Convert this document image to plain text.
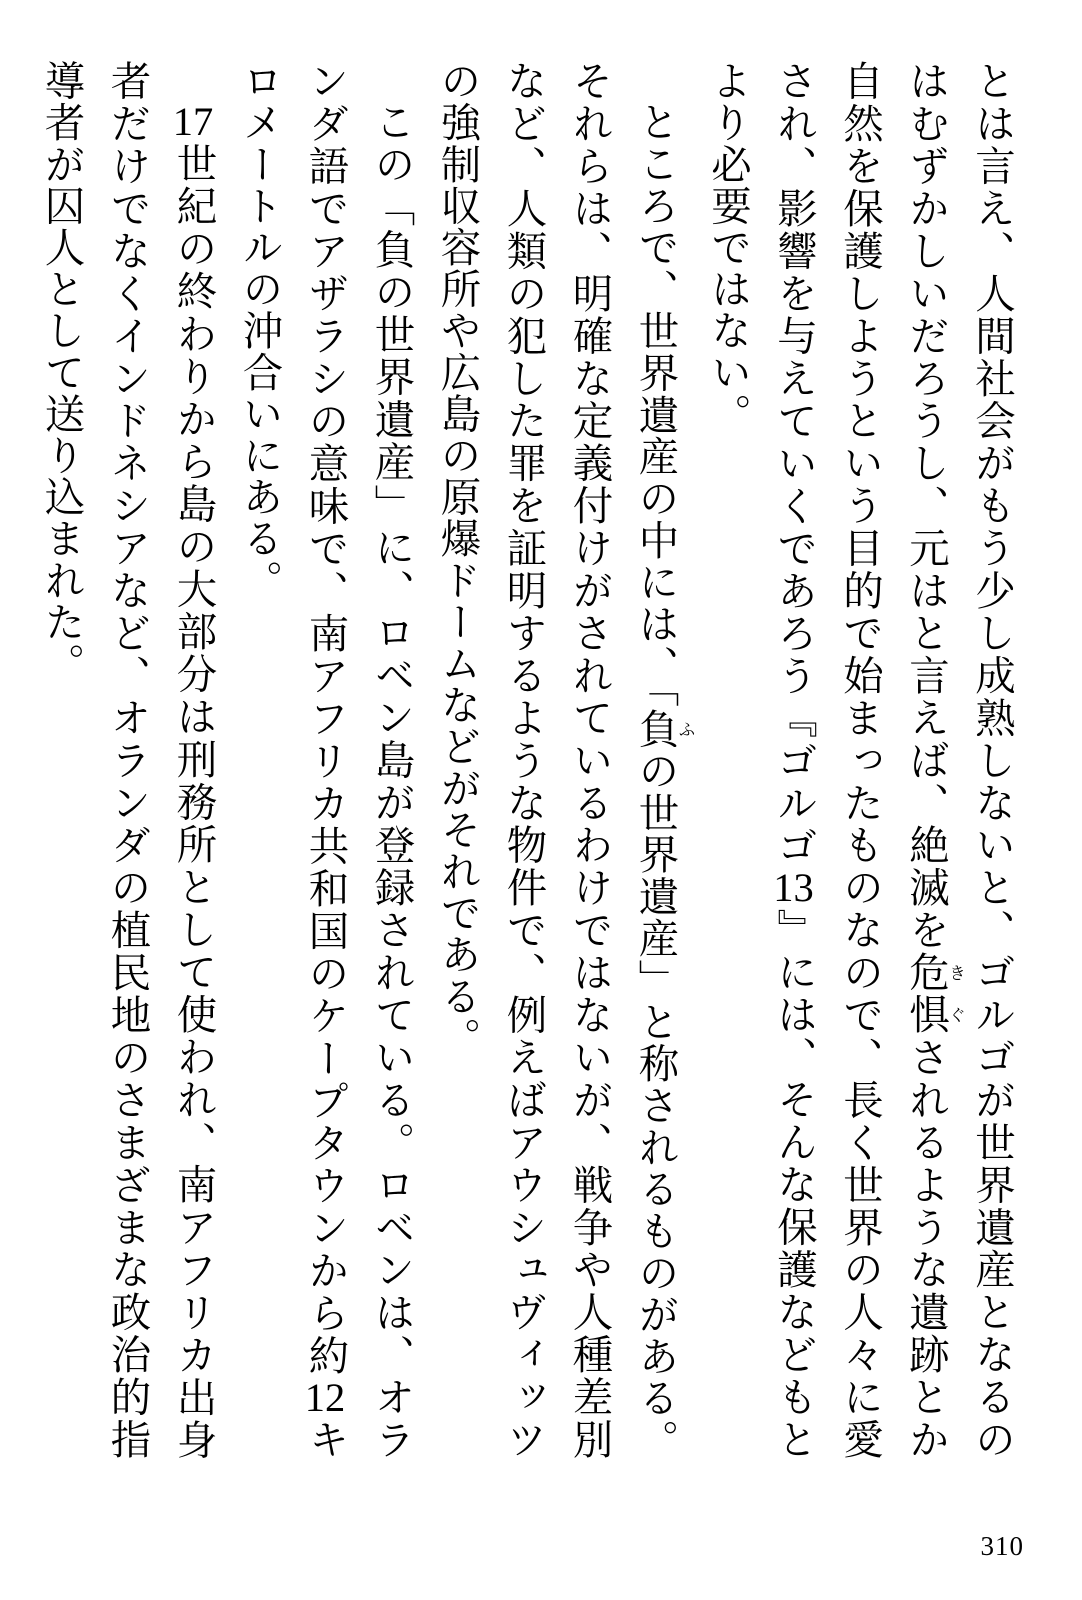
とは言え、人間社会がもう少し成熟しないと、ゴルゴが世界遺産となるのはむずかしいだろうし、元はと言えば、絶滅を危惧きぐされるような遺跡とか自然を保護しようという目的で始まったものなので、長く世界の人々に愛され、影響を与えていくであろう『ゴルゴ13』には、そんな保護などもとより必要ではない。

ところで、世界遺産の中には、「負ふの世界遺産」と称されるものがある。それらは、明確な定義付けがされているわけではないが、戦争や人種差別など、人類の犯した罪を証明するような物件で、例えばアウシュヴィッツの強制収容所や広島の原爆ドームなどがそれである。

この「負の世界遺産」に、ロベン島が登録されている。ロベンは、オランダ語でアザラシの意味で、南アフリカ共和国のケープタウンから約12キロメートルの沖合いにある。

17世紀の終わりから島の大部分は刑務所として使われ、南アフリカ出身者だけでなくインドネシアなど、オランダの植民地のさまざまな政治的指導者が囚人として送り込まれた。

310
